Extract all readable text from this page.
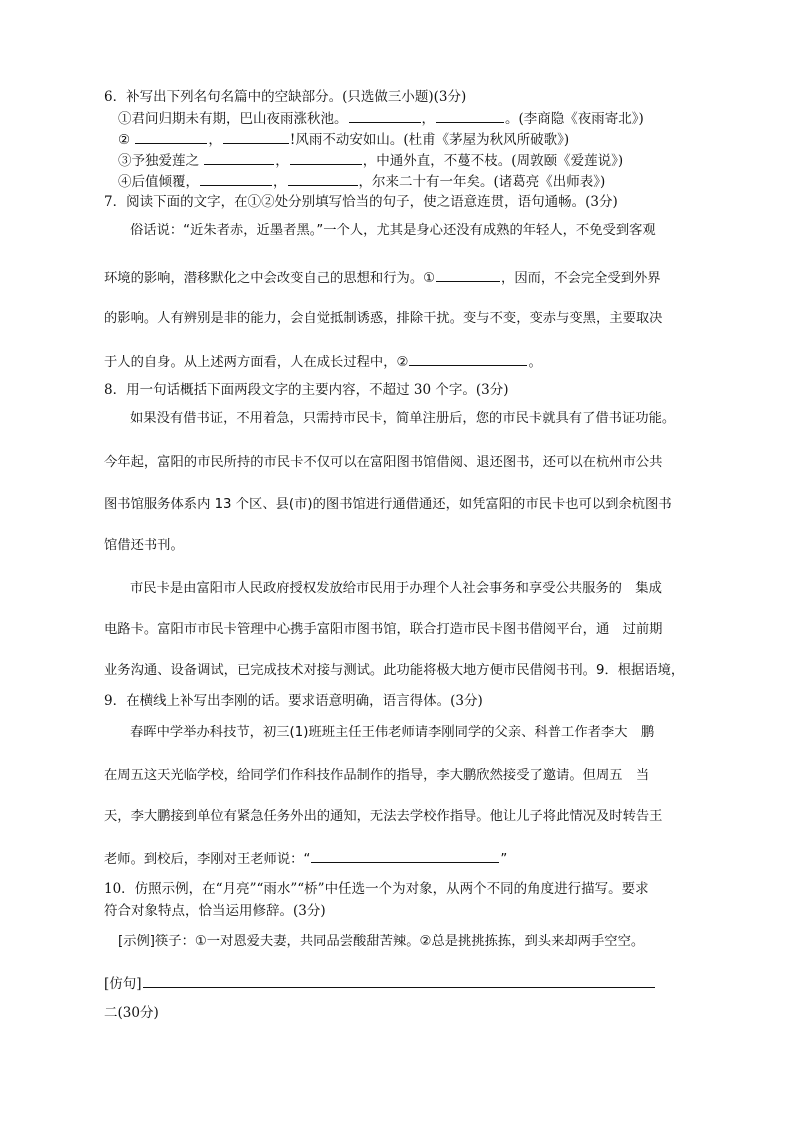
6．补写出下列名句名篇中的空缺部分。(只选做三小题)(3分)
①君问归期未有期，巴山夜雨涨秋池。	，	。(李商隐《夜雨寄北》)
②	，	!风雨不动安如山。(杜甫《茅屋为秋风所破歌》)
③予独爱莲之	，	，中通外直，不蔓不枝。(周敦颐《爱莲说》)
④后值倾覆，	，	，尔来二十有一年矣。(诸葛亮《出师表》)
7．阅读下面的文字，在①②处分别填写恰当的句子，使之语意连贯，语句通畅。(3分)
俗话说：“近朱者赤，近墨者黑。”一个人，尤其是身心还没有成熟的年轻人，不免受到客观
环境的影响，潜移默化之中会改变自己的思想和行为。①	，因而，不会完全受到外界
的影响。人有辨别是非的能力，会自觉抵制诱惑，排除干扰。变与不变，变赤与变黑，主要取决
于人的自身。从上述两方面看，人在成长过程中，②	。
8．用一句话概括下面两段文字的主要内容，不超过 30 个字。(3分)
如果没有借书证，不用着急，只需持市民卡，简单注册后，您的市民卡就具有了借书证功能。
今年起，富阳的市民所持的市民卡不仅可以在富阳图书馆借阅、退还图书，还可以在杭州市公共
图书馆服务体系内 13 个区、县(市)的图书馆进行通借通还，如凭富阳的市民卡也可以到余杭图书
馆借还书刊。
市民卡是由富阳市人民政府授权发放给市民用于办理个人社会事务和享受公共服务的　集成
电路卡。富阳市市民卡管理中心携手富阳市图书馆，联合打造市民卡图书借阅平台，通　过前期
业务沟通、设备调试，已完成技术对接与测试。此功能将极大地方便市民借阅书刊。9．根据语境，
9．在横线上补写出李刚的话。要求语意明确，语言得体。(3分)
春晖中学举办科技节，初三(1)班班主任王伟老师请李刚同学的父亲、科普工作者李大　鹏
在周五这天光临学校，给同学们作科技作品制作的指导，李大鹏欣然接受了邀请。但周五　当
天，李大鹏接到单位有紧急任务外出的通知，无法去学校作指导。他让儿子将此情况及时转告王
老师。到校后，李刚对王老师说：“	”
10．仿照示例，在“月亮”“雨水”“桥”中任选一个为对象，从两个不同的角度进行描写。要求
符合对象特点，恰当运用修辞。(3分)
[示例]筷子：①一对恩爱夫妻，共同品尝酸甜苦辣。②总是挑挑拣拣，到头来却两手空空。
[仿句]
二(30分)
